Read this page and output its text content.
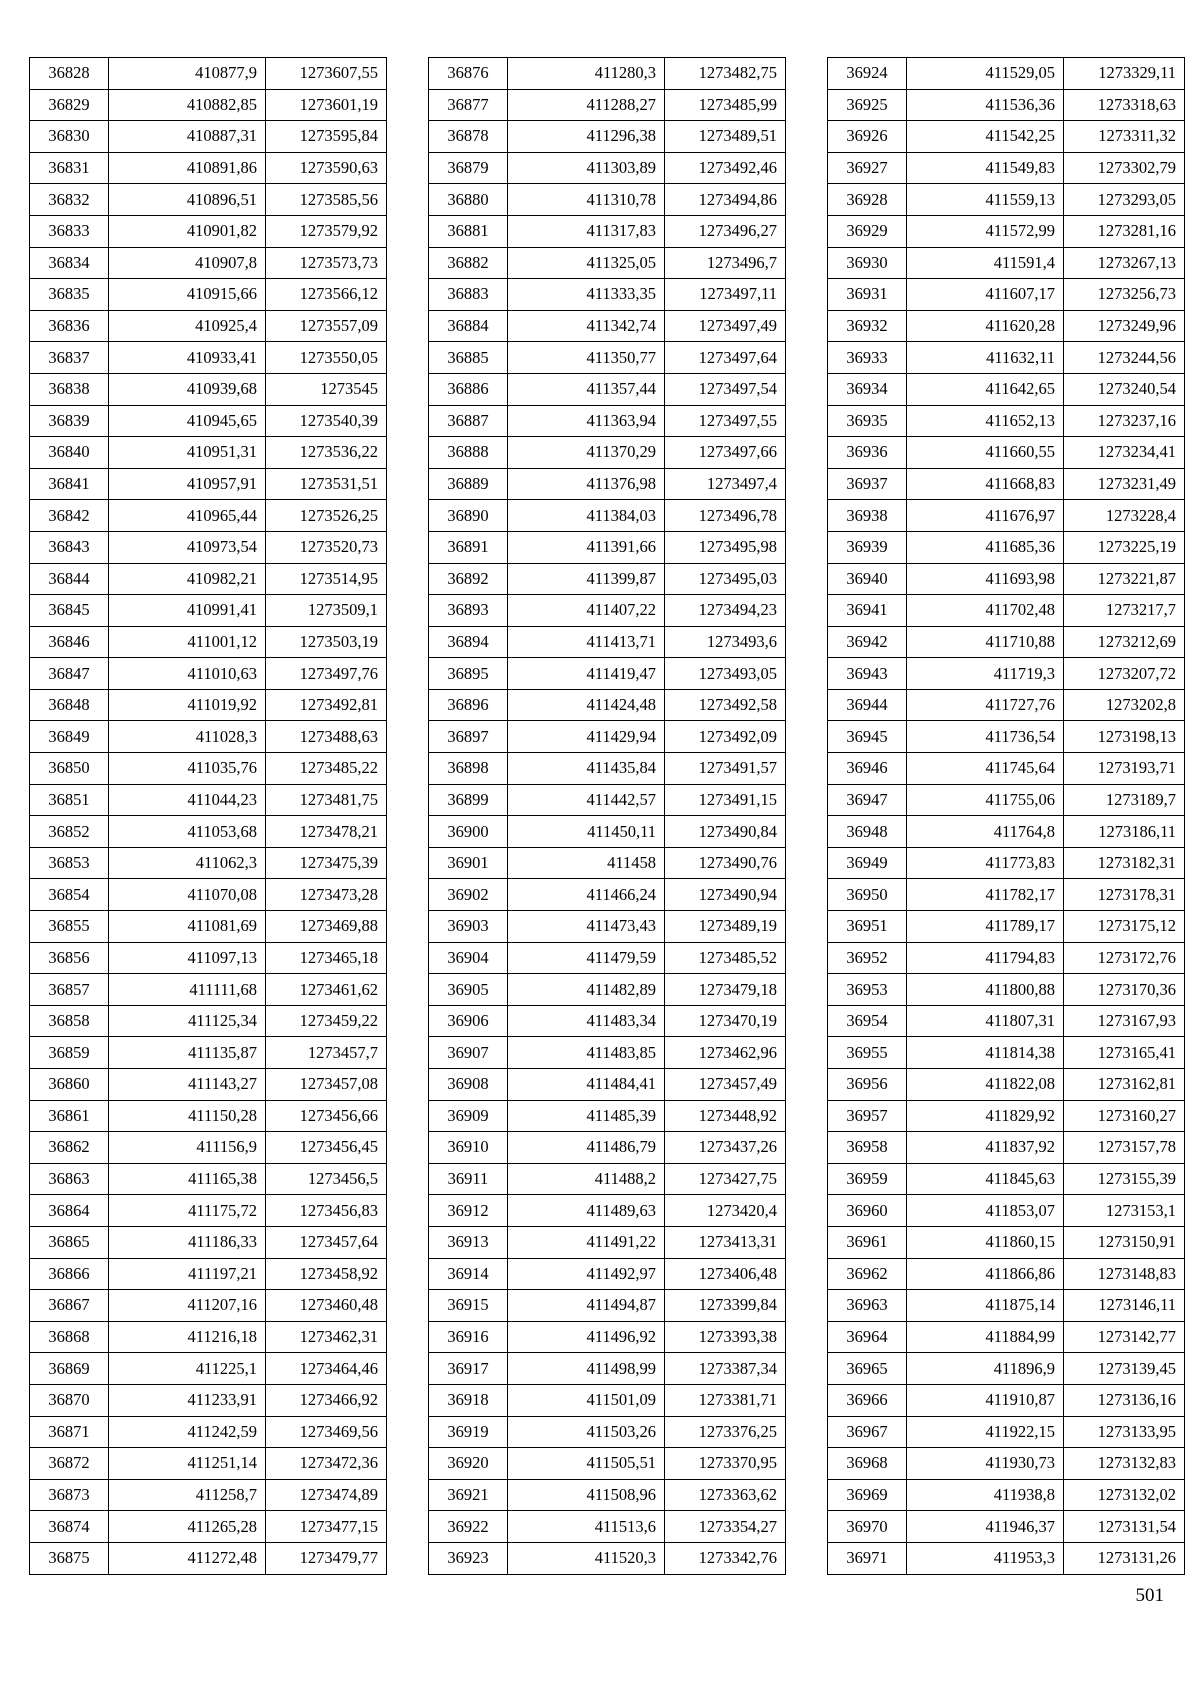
36828	410877,9	1273607,55
36829	410882,85	1273601,19
36830	410887,31	1273595,84
36831	410891,86	1273590,63
36832	410896,51	1273585,56
36833	410901,82	1273579,92
36834	410907,8	1273573,73
36835	410915,66	1273566,12
36836	410925,4	1273557,09
36837	410933,41	1273550,05
36838	410939,68	1273545
36839	410945,65	1273540,39
36840	410951,31	1273536,22
36841	410957,91	1273531,51
36842	410965,44	1273526,25
36843	410973,54	1273520,73
36844	410982,21	1273514,95
36845	410991,41	1273509,1
36846	411001,12	1273503,19
36847	411010,63	1273497,76
36848	411019,92	1273492,81
36849	411028,3	1273488,63
36850	411035,76	1273485,22
36851	411044,23	1273481,75
36852	411053,68	1273478,21
36853	411062,3	1273475,39
36854	411070,08	1273473,28
36855	411081,69	1273469,88
36856	411097,13	1273465,18
36857	411111,68	1273461,62
36858	411125,34	1273459,22
36859	411135,87	1273457,7
36860	411143,27	1273457,08
36861	411150,28	1273456,66
36862	411156,9	1273456,45
36863	411165,38	1273456,5
36864	411175,72	1273456,83
36865	411186,33	1273457,64
36866	411197,21	1273458,92
36867	411207,16	1273460,48
36868	411216,18	1273462,31
36869	411225,1	1273464,46
36870	411233,91	1273466,92
36871	411242,59	1273469,56
36872	411251,14	1273472,36
36873	411258,7	1273474,89
36874	411265,28	1273477,15
36875	411272,48	1273479,77
36876	411280,3	1273482,75
36877	411288,27	1273485,99
36878	411296,38	1273489,51
36879	411303,89	1273492,46
36880	411310,78	1273494,86
36881	411317,83	1273496,27
36882	411325,05	1273496,7
36883	411333,35	1273497,11
36884	411342,74	1273497,49
36885	411350,77	1273497,64
36886	411357,44	1273497,54
36887	411363,94	1273497,55
36888	411370,29	1273497,66
36889	411376,98	1273497,4
36890	411384,03	1273496,78
36891	411391,66	1273495,98
36892	411399,87	1273495,03
36893	411407,22	1273494,23
36894	411413,71	1273493,6
36895	411419,47	1273493,05
36896	411424,48	1273492,58
36897	411429,94	1273492,09
36898	411435,84	1273491,57
36899	411442,57	1273491,15
36900	411450,11	1273490,84
36901	411458	1273490,76
36902	411466,24	1273490,94
36903	411473,43	1273489,19
36904	411479,59	1273485,52
36905	411482,89	1273479,18
36906	411483,34	1273470,19
36907	411483,85	1273462,96
36908	411484,41	1273457,49
36909	411485,39	1273448,92
36910	411486,79	1273437,26
36911	411488,2	1273427,75
36912	411489,63	1273420,4
36913	411491,22	1273413,31
36914	411492,97	1273406,48
36915	411494,87	1273399,84
36916	411496,92	1273393,38
36917	411498,99	1273387,34
36918	411501,09	1273381,71
36919	411503,26	1273376,25
36920	411505,51	1273370,95
36921	411508,96	1273363,62
36922	411513,6	1273354,27
36923	411520,3	1273342,76
36924	411529,05	1273329,11
36925	411536,36	1273318,63
36926	411542,25	1273311,32
36927	411549,83	1273302,79
36928	411559,13	1273293,05
36929	411572,99	1273281,16
36930	411591,4	1273267,13
36931	411607,17	1273256,73
36932	411620,28	1273249,96
36933	411632,11	1273244,56
36934	411642,65	1273240,54
36935	411652,13	1273237,16
36936	411660,55	1273234,41
36937	411668,83	1273231,49
36938	411676,97	1273228,4
36939	411685,36	1273225,19
36940	411693,98	1273221,87
36941	411702,48	1273217,7
36942	411710,88	1273212,69
36943	411719,3	1273207,72
36944	411727,76	1273202,8
36945	411736,54	1273198,13
36946	411745,64	1273193,71
36947	411755,06	1273189,7
36948	411764,8	1273186,11
36949	411773,83	1273182,31
36950	411782,17	1273178,31
36951	411789,17	1273175,12
36952	411794,83	1273172,76
36953	411800,88	1273170,36
36954	411807,31	1273167,93
36955	411814,38	1273165,41
36956	411822,08	1273162,81
36957	411829,92	1273160,27
36958	411837,92	1273157,78
36959	411845,63	1273155,39
36960	411853,07	1273153,1
36961	411860,15	1273150,91
36962	411866,86	1273148,83
36963	411875,14	1273146,11
36964	411884,99	1273142,77
36965	411896,9	1273139,45
36966	411910,87	1273136,16
36967	411922,15	1273133,95
36968	411930,73	1273132,83
36969	411938,8	1273132,02
36970	411946,37	1273131,54
36971	411953,3	1273131,26
501
